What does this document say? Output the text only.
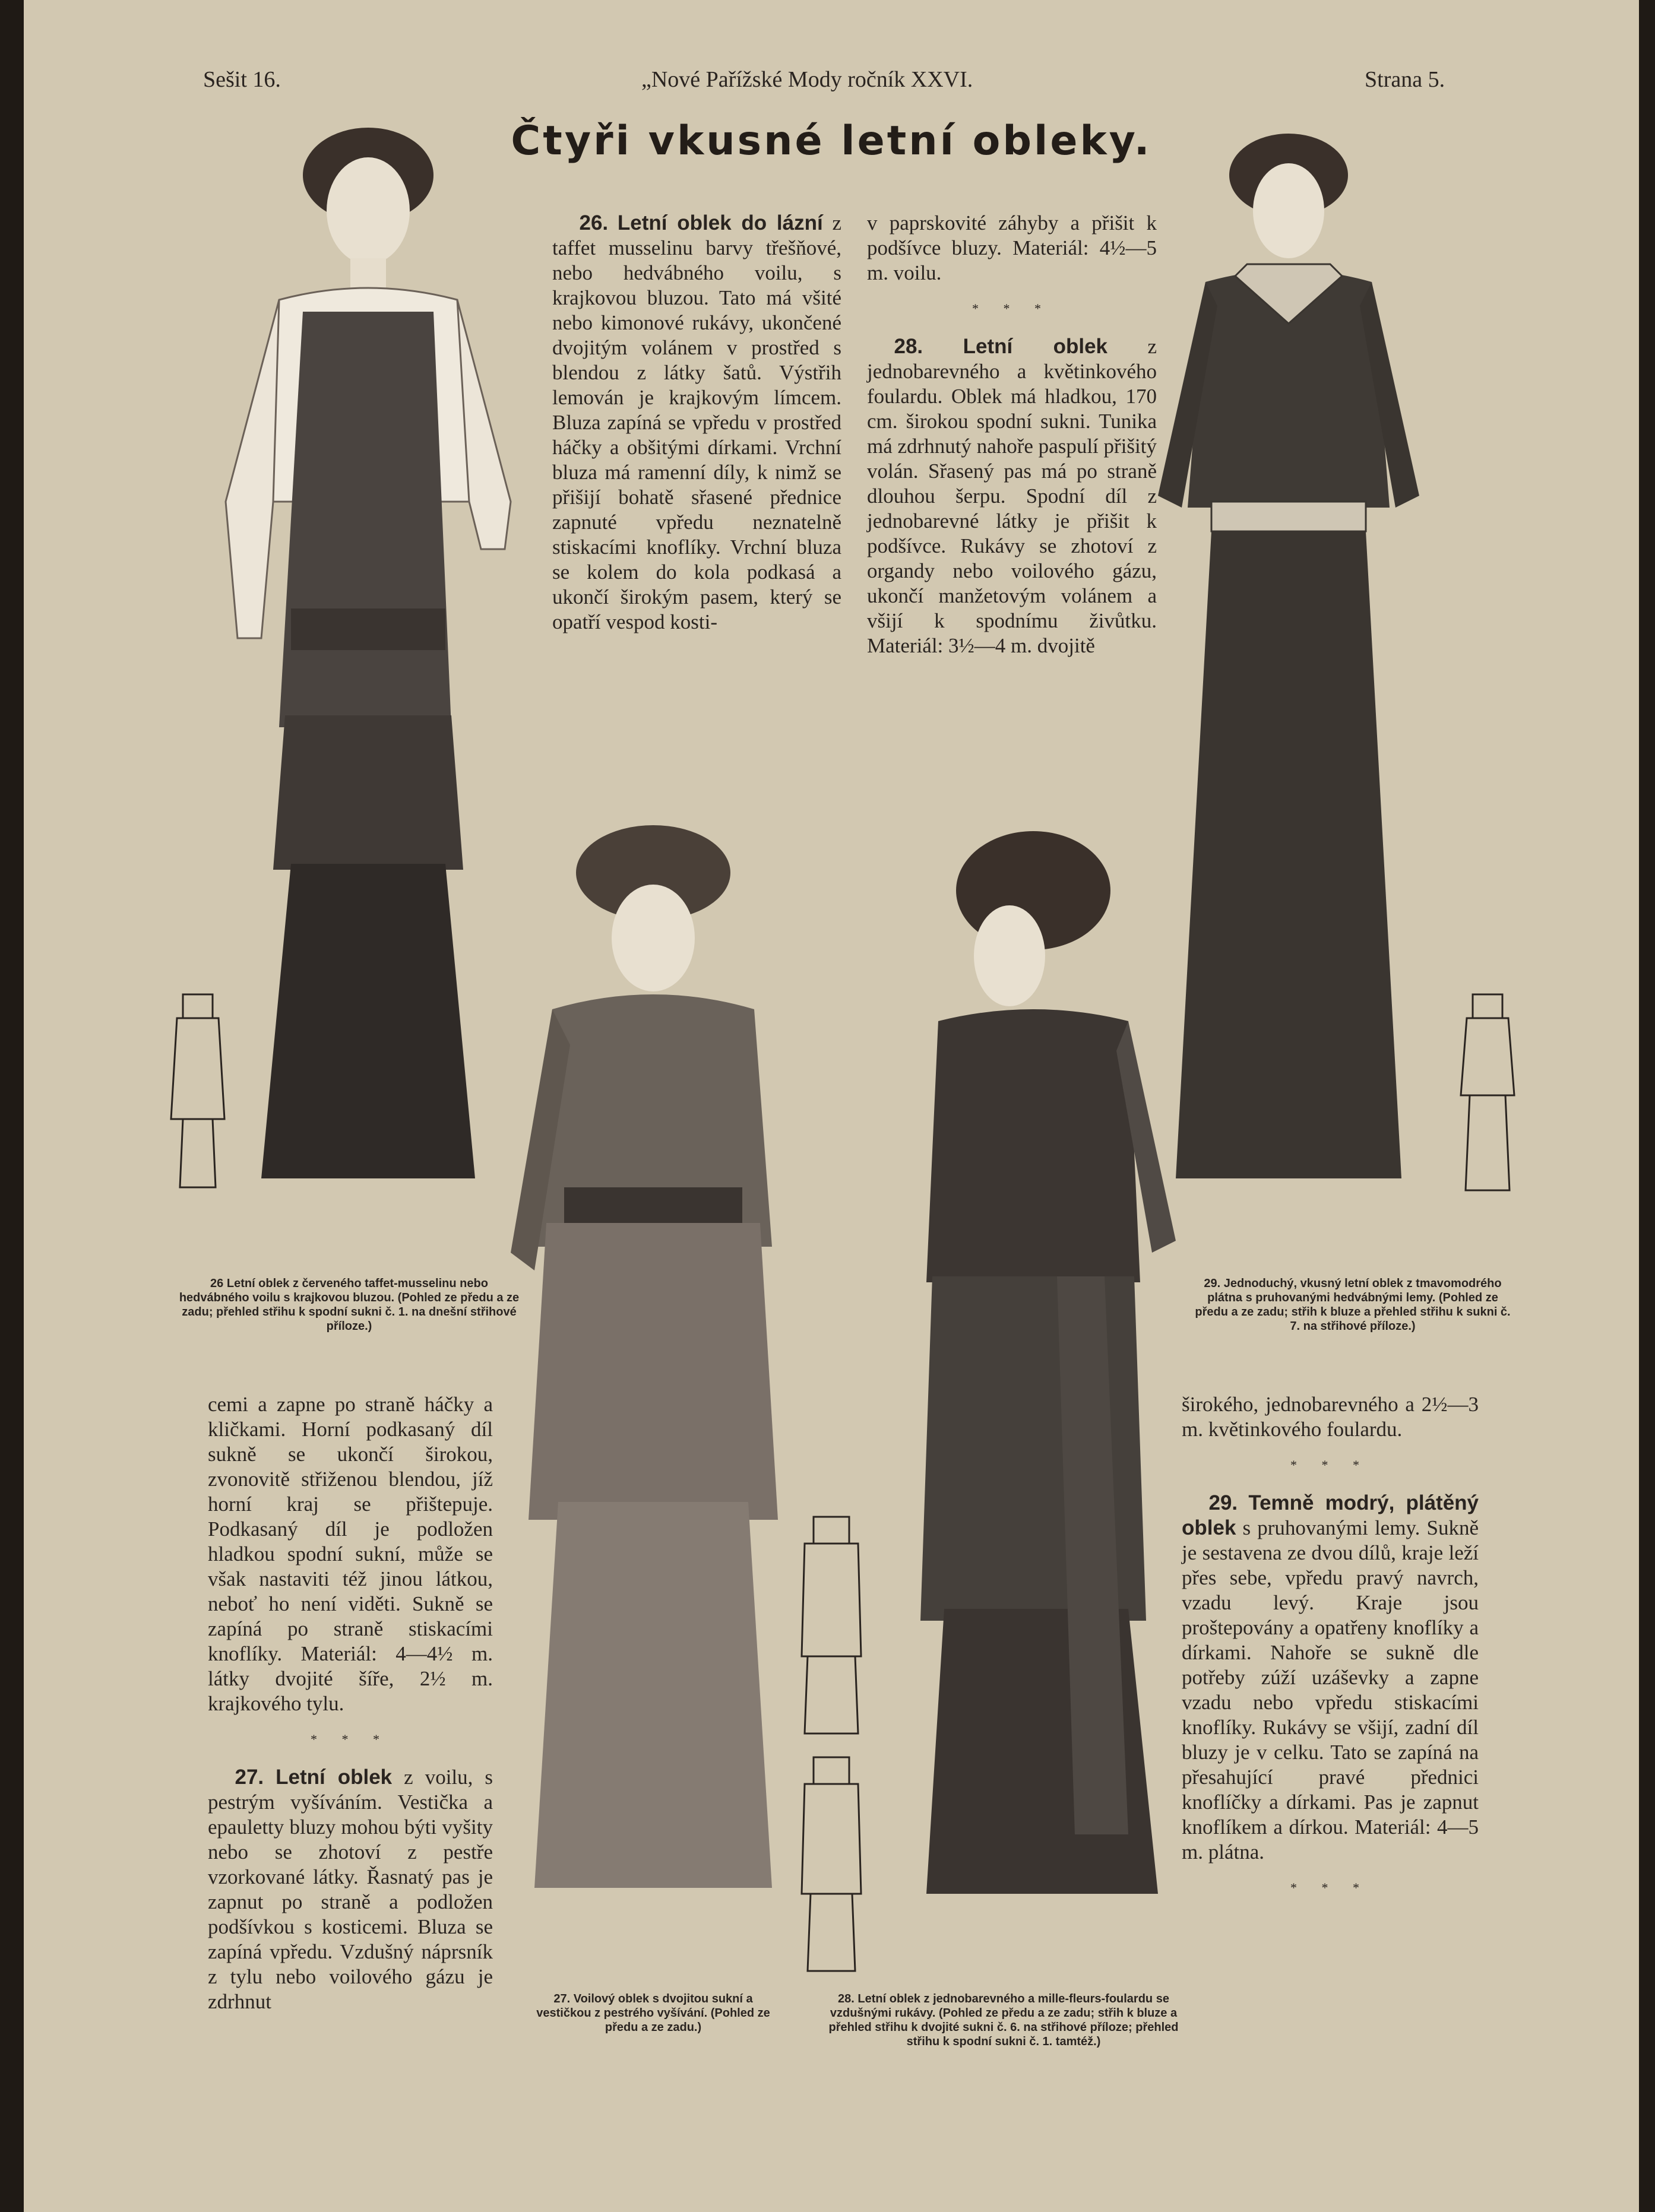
Sešit 16.	„Nové Pařížské Mody ročník XXVI.	Strana 5.
Čtyři vkusné letní obleky.

26. Letní oblek do lázní z taffet musselinu barvy třešňové, nebo hedvábného voilu, s krajkovou bluzou. Tato má všité nebo kimonové rukávy, ukončené dvojitým volánem v prostřed s blendou z látky šatů. Výstřih lemován je krajkovým límcem. Bluza zapíná se vpředu v prostřed háčky a obšitými dírkami. Vrchní bluza má ramenní díly, k nimž se přišijí bohatě sřasené přednice zapnuté vpředu neznatelně stiskacími knoflíky. Vrchní bluza se kolem do kola podkasá a ukončí širokým pasem, který se opatří vespod kosti-

v paprskovité záhyby a přišit k podšívce bluzy. Materiál: 4½—5 m. voilu.

* * *

28. Letní oblek z jednobarevného a květinkového foulardu. Oblek má hladkou, 170 cm. širokou spodní sukni. Tunika má zdrhnutý nahoře paspulí přišitý volán. Sřasený pas má po straně dlouhou šerpu. Spodní díl z jednobarevné látky je přišit k podšívce. Rukávy se zhotoví z organdy nebo voilového gázu, ukončí manžetovým volánem a všijí k spodnímu živůtku. Materiál: 3½—4 m. dvojitě

26 Letní oblek z červeného taffet-musselinu nebo hedvábného voilu s krajkovou bluzou. (Pohled ze předu a ze zadu; přehled střihu k spodní sukni č. 1. na dnešní střihové příloze.)
29. Jednoduchý, vkusný letní oblek z tmavomodrého plátna s pruhovanými hedvábnými lemy. (Pohled ze předu a ze zadu; střih k bluze a přehled střihu k sukni č. 7. na střihové příloze.)

cemi a zapne po straně háčky a kličkami. Horní podkasaný díl sukně se ukončí širokou, zvonovitě střiženou blendou, jíž horní kraj se přištepuje. Podkasaný díl je podložen hladkou spodní sukní, může se však nastaviti též jinou látkou, neboť ho není viděti. Sukně se zapíná po straně stiskacími knoflíky. Materiál: 4—4½ m. látky dvojité šíře, 2½ m. krajkového tylu.

* * *

27. Letní oblek z voilu, s pestrým vyšíváním. Vestička a epauletty bluzy mohou býti vyšity nebo se zhotoví z pestře vzorkované látky. Řasnatý pas je zapnut po straně a podložen podšívkou s kosticemi. Bluza se zapíná vpředu. Vzdušný náprsník z tylu nebo voilového gázu je zdrhnut

širokého, jednobarevného a 2½—3 m. květinkového foulardu.

* * *

29. Temně modrý, plátěný oblek s pruhovanými lemy. Sukně je sestavena ze dvou dílů, kraje leží přes sebe, vpředu pravý navrch, vzadu levý. Kraje jsou proštepovány a opatřeny knoflíky a dírkami. Nahoře se sukně dle potřeby zúží uzáševky a zapne vzadu nebo vpředu stiskacími knoflíky. Rukávy se všijí, zadní díl bluzy je v celku. Tato se zapíná na přesahující pravé přednici knoflíčky a dírkami. Pas je zapnut knoflíkem a dírkou. Materiál: 4—5 m. plátna.

* * *
27. Voilový oblek s dvojitou sukní a vestičkou z pestrého vyšívání. (Pohled ze předu a ze zadu.)
28. Letní oblek z jednobarevného a mille-fleurs-foulardu se vzdušnými rukávy. (Pohled ze předu a ze zadu; střih k bluze a přehled střihu k dvojité sukni č. 6. na střihové příloze; přehled střihu k spodní sukni č. 1. tamtéž.)
